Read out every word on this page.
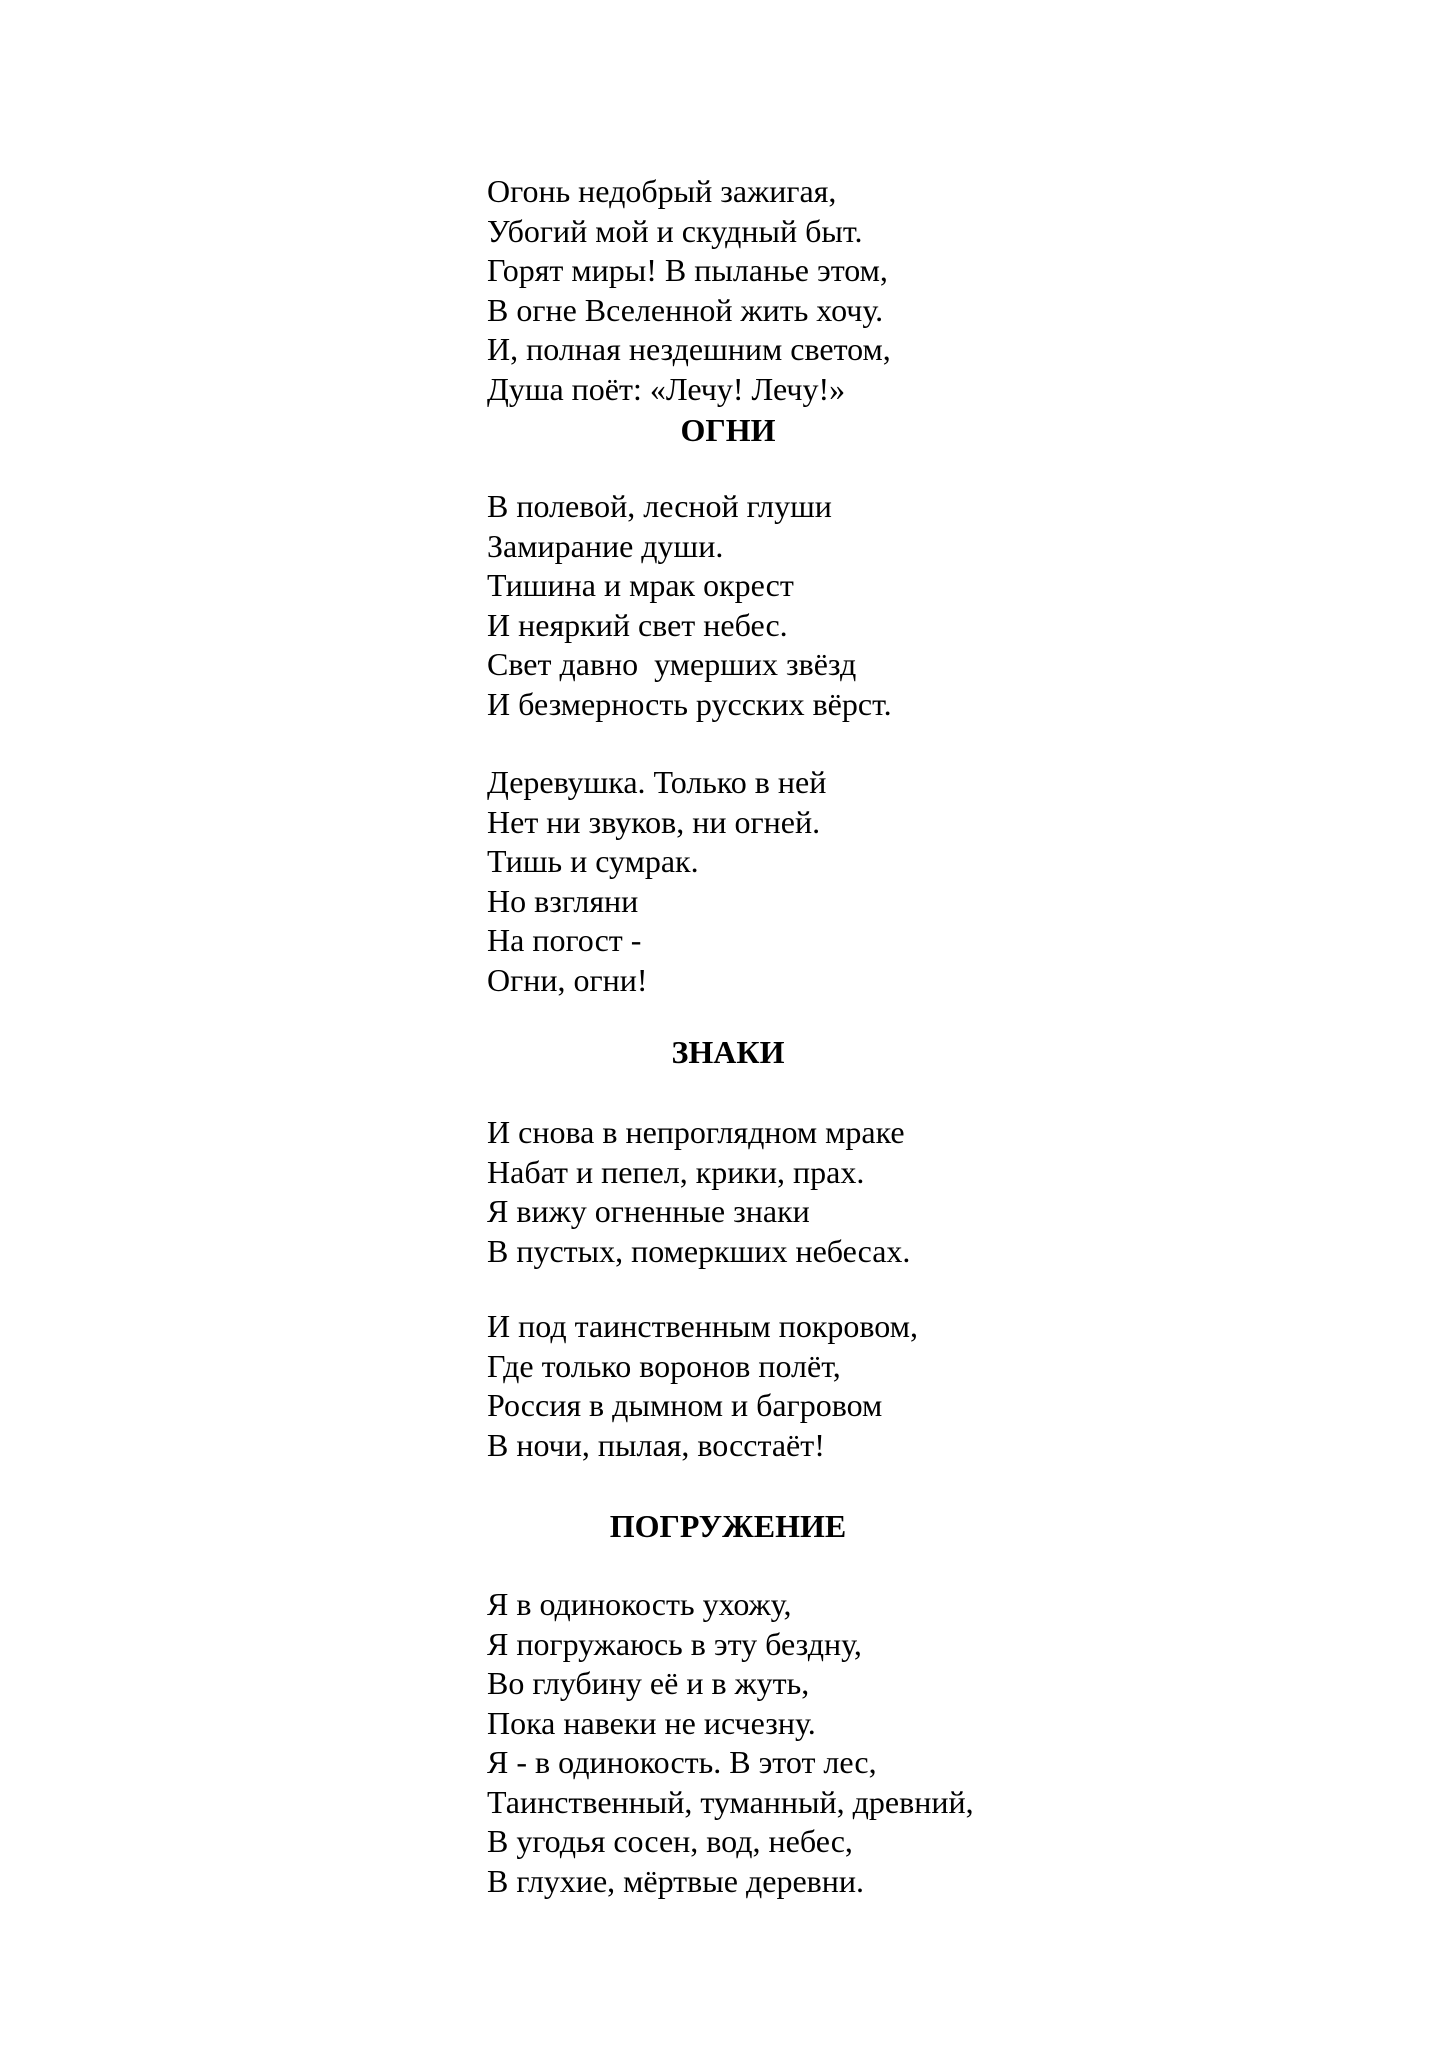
Огонь недобрый зажигая,
Убогий мой и скудный быт.
Горят миры! В пыланье этом,
В огне Вселенной жить хочу.
И, полная нездешним светом,
Душа поёт: «Лечу! Лечу!»
ОГНИ
В полевой, лесной глуши
Замирание души.
Тишина и мрак окрест
И неяркий свет небес.
Свет давно  умерших звёзд
И безмерность русских вёрст.
Деревушка. Только в ней
Нет ни звуков, ни огней.
Тишь и сумрак.
Но взгляни
На погост -
Огни, огни!
ЗНАКИ
И снова в непроглядном мраке
Набат и пепел, крики, прах.
Я вижу огненные знаки
В пустых, померкших небесах.
И под таинственным покровом,
Где только воронов полёт,
Россия в дымном и багровом
В ночи, пылая, восстаёт!
ПОГРУЖЕНИЕ
Я в одинокость ухожу,
Я погружаюсь в эту бездну,
Во глубину её и в жуть,
Пока навеки не исчезну.
Я - в одинокость. В этот лес,
Таинственный, туманный, древний,
В угодья сосен, вод, небес,
В глухие, мёртвые деревни.
